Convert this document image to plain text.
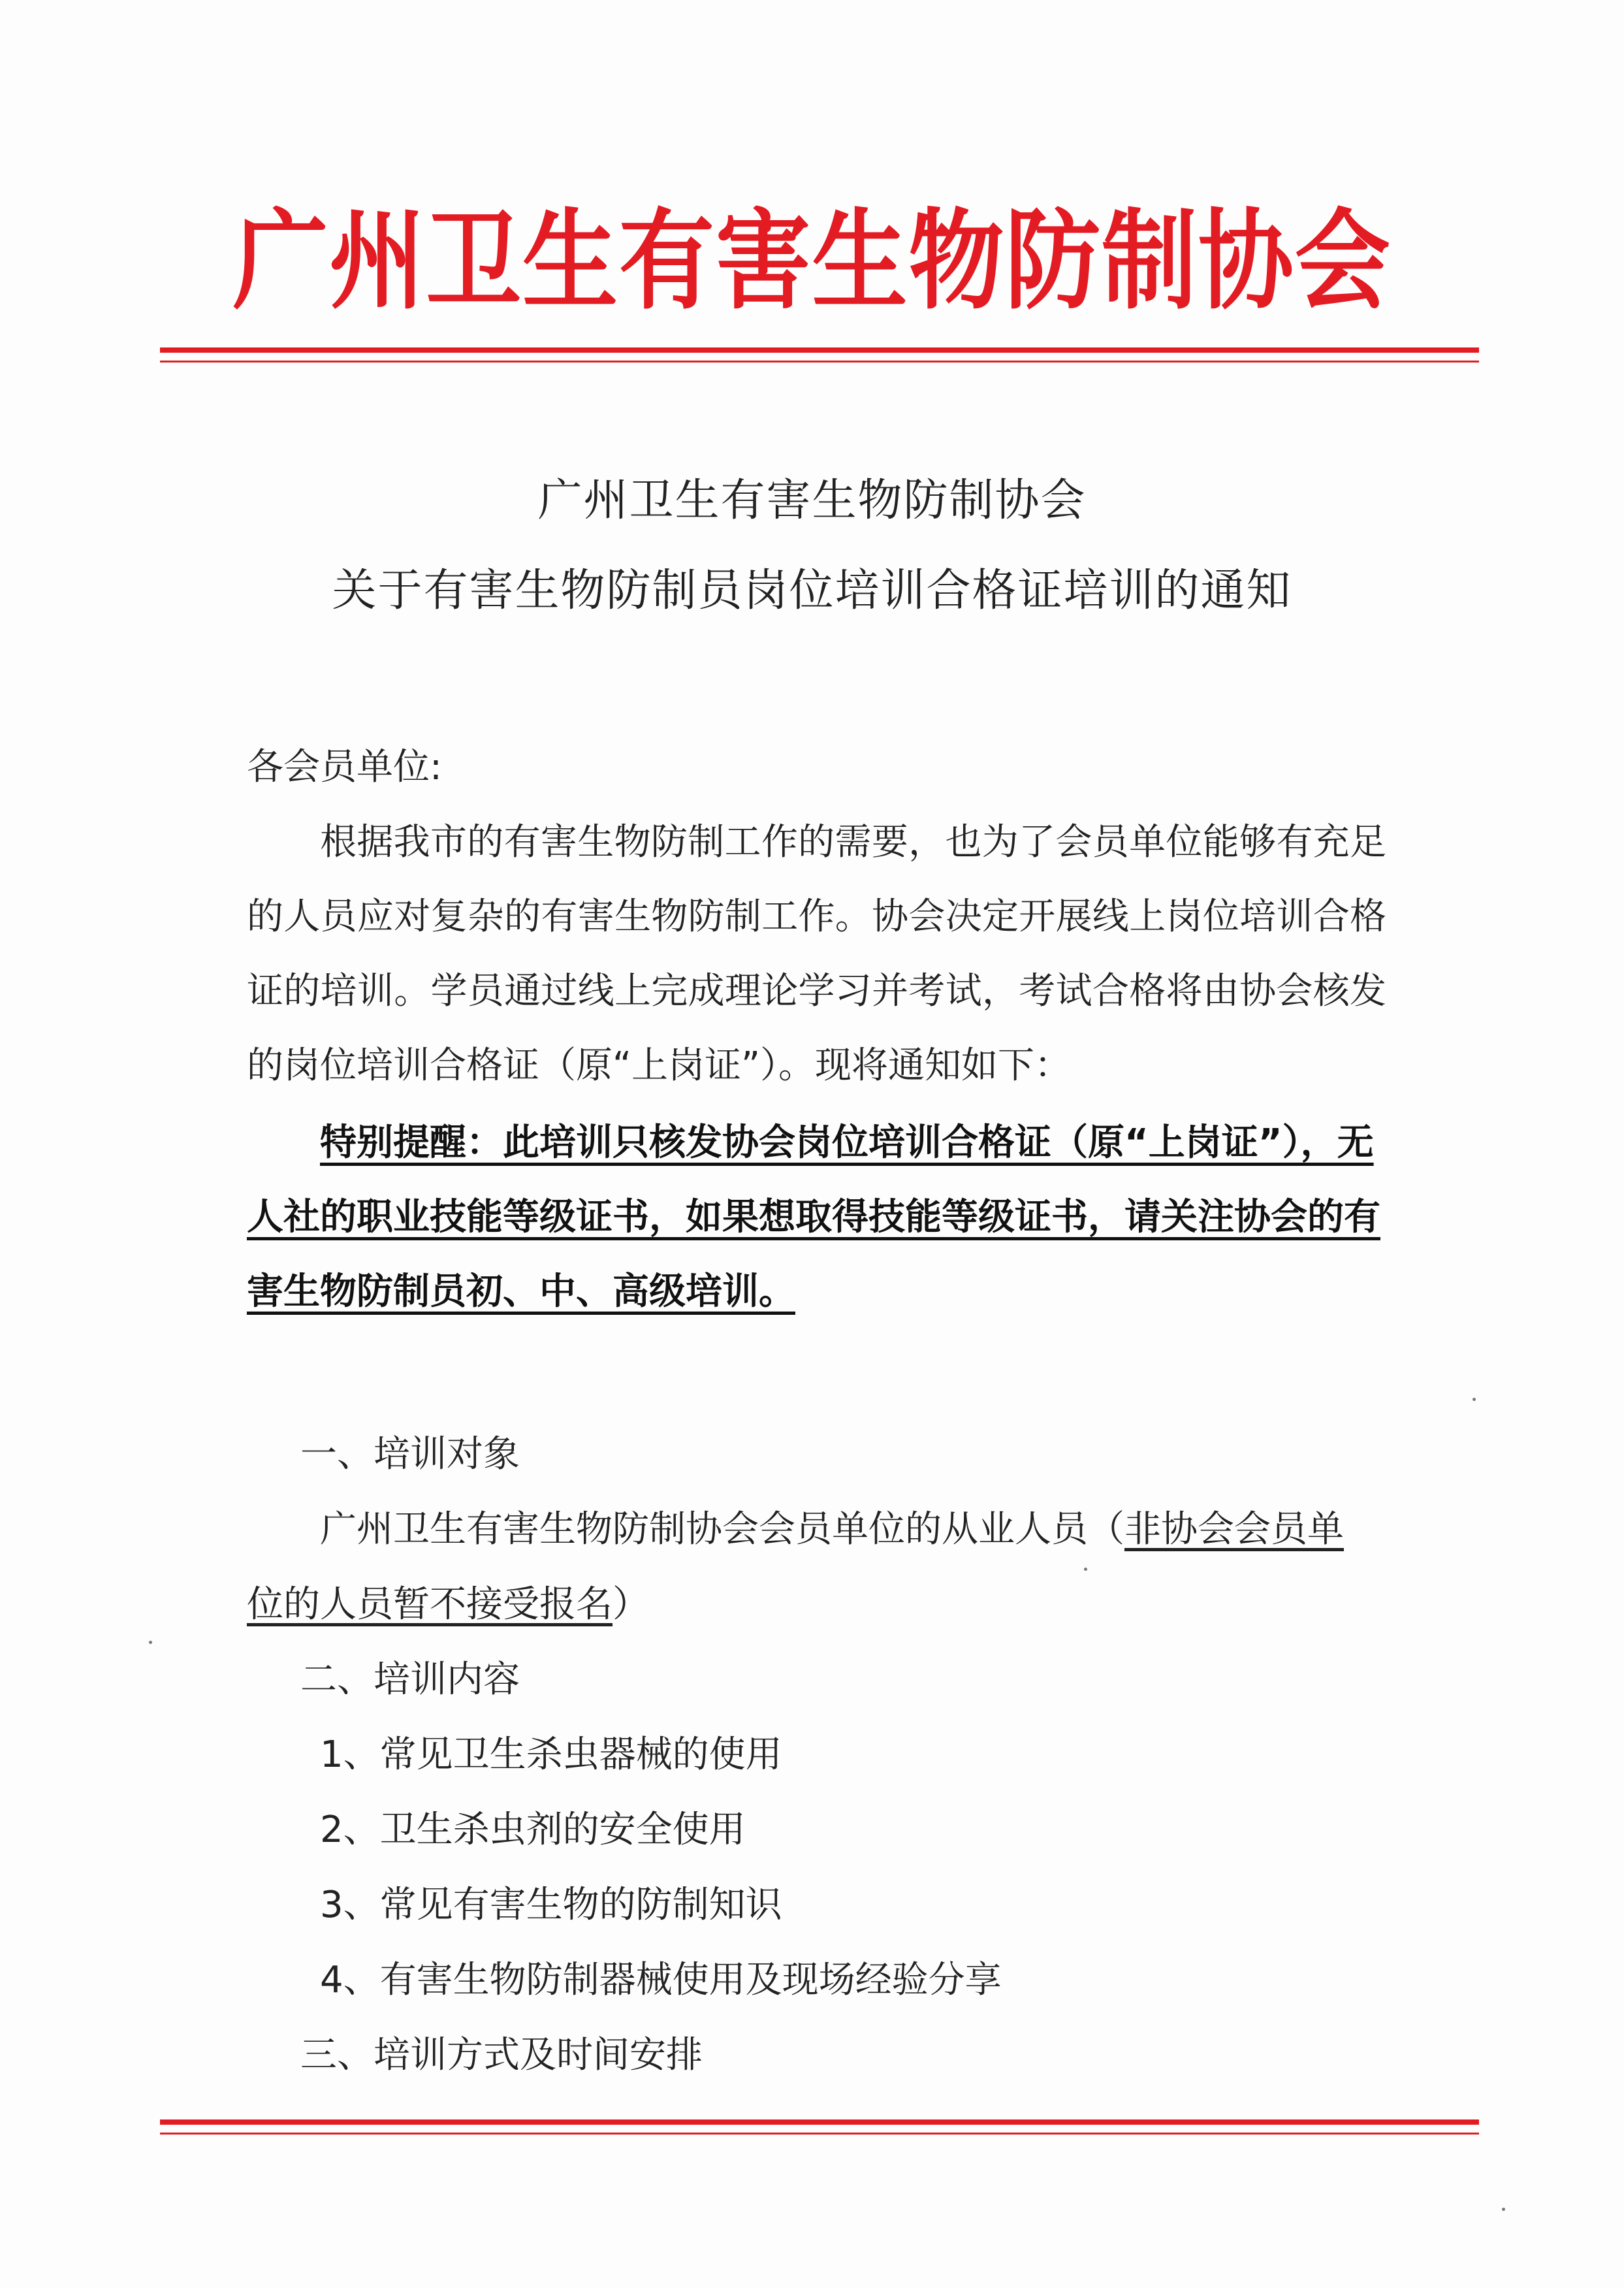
广州卫生有害生物防制协会
广州卫生有害生物防制协会
关于有害生物防制员岗位培训合格证培训的通知
各会员单位:
根据我市的有害生物防制工作的需要，也为了会员单位能够有充足的人员应对复杂的有害生物防制工作。协会决定开展线上岗位培训合格证的培训。学员通过线上完成理论学习并考试，考试合格将由协会核发的岗位培训合格证（原“上岗证”）。现将通知如下：
特别提醒：此培训只核发协会岗位培训合格证（原“上岗证”），无人社的职业技能等级证书，如果想取得技能等级证书，请关注协会的有害生物防制员初、中、高级培训。
一、培训对象
广州卫生有害生物防制协会会员单位的从业人员（非协会会员单
位的人员暂不接受报名）
二、培训内容
1、常见卫生杀虫器械的使用
2、卫生杀虫剂的安全使用
3、常见有害生物的防制知识
4、有害生物防制器械使用及现场经验分享
三、培训方式及时间安排
